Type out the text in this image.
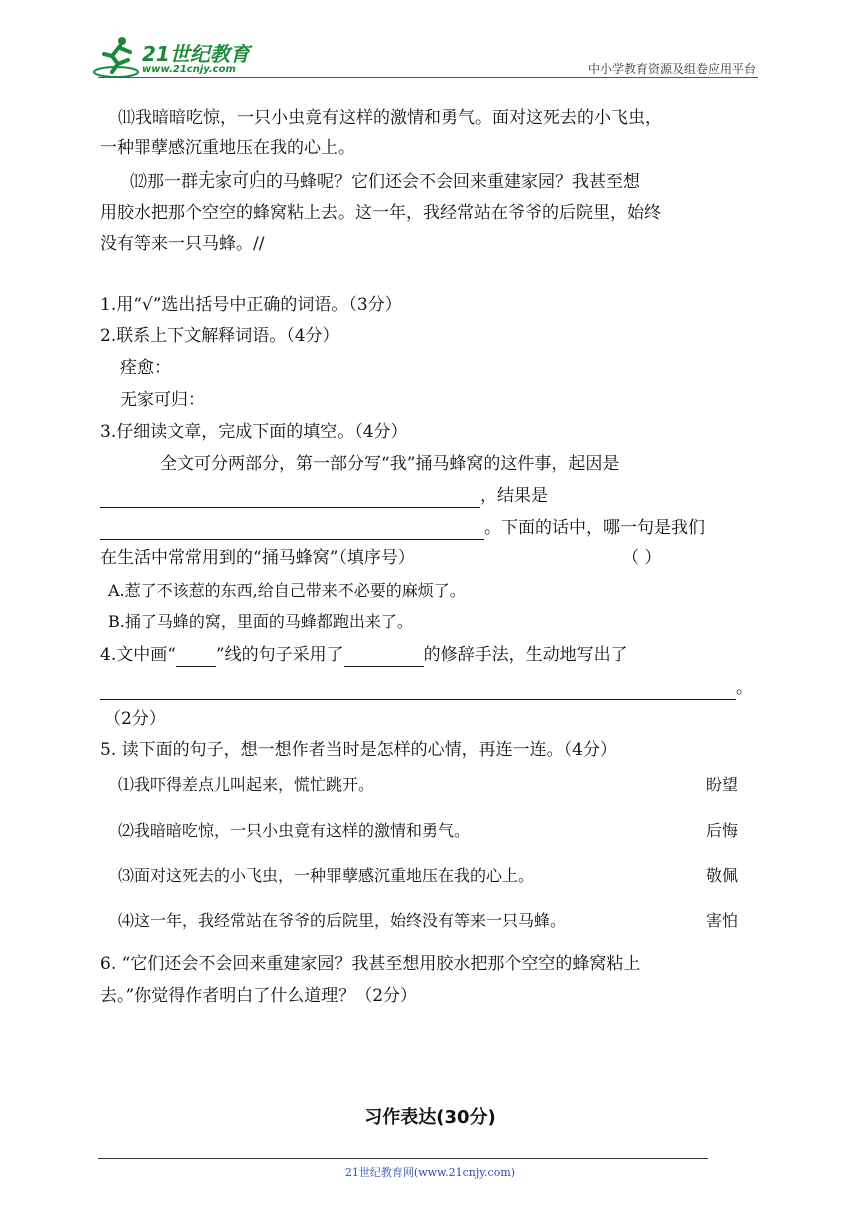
21世纪教育
www.21cnjy.com	中小学教育资源及组卷应用平台
⑾我暗暗吃惊，一只小虫竟有这样的激情和勇气。面对这死去的小飞虫，
一种罪孽感沉重地压在我的心上。
⑿那一群无家可归的马蜂呢？它们还会不会回来重建家园？我甚至想
用胶水把那个空空的蜂窝粘上去。这一年，我经常站在爷爷的后院里，始终
没有等来一只马蜂。//
1.用“√”选出括号中正确的词语。（3分）
2.联系上下文解释词语。（4分）
痊愈：
无家可归：
3.仔细读文章，完成下面的填空。（4分）
全文可分两部分，第一部分写“我”捅马蜂窝的这件事，起因是
，结果是
。下面的话中，哪一句是我们
在生活中常常用到的“捅马蜂窝”（填序号）	（ ）
A.惹了不该惹的东西,给自己带来不必要的麻烦了。
B.捅了马蜂的窝，里面的马蜂都跑出来了。
4.文中画“ ”线的句子采用了	的修辞手法，生动地写出了
。
（2分）
5. 读下面的句子，想一想作者当时是怎样的心情，再连一连。（4分）
⑴我吓得差点儿叫起来，慌忙跳开。	盼望
⑵我暗暗吃惊，一只小虫竟有这样的激情和勇气。	后悔
⑶面对这死去的小飞虫，一种罪孽感沉重地压在我的心上。	敬佩
⑷这一年，我经常站在爷爷的后院里，始终没有等来一只马蜂。	害怕
6. “它们还会不会回来重建家园？我甚至想用胶水把那个空空的蜂窝粘上
去。”你觉得作者明白了什么道理？（2分）
习作表达(30分)
21世纪教育网(www.21cnjy.com)
